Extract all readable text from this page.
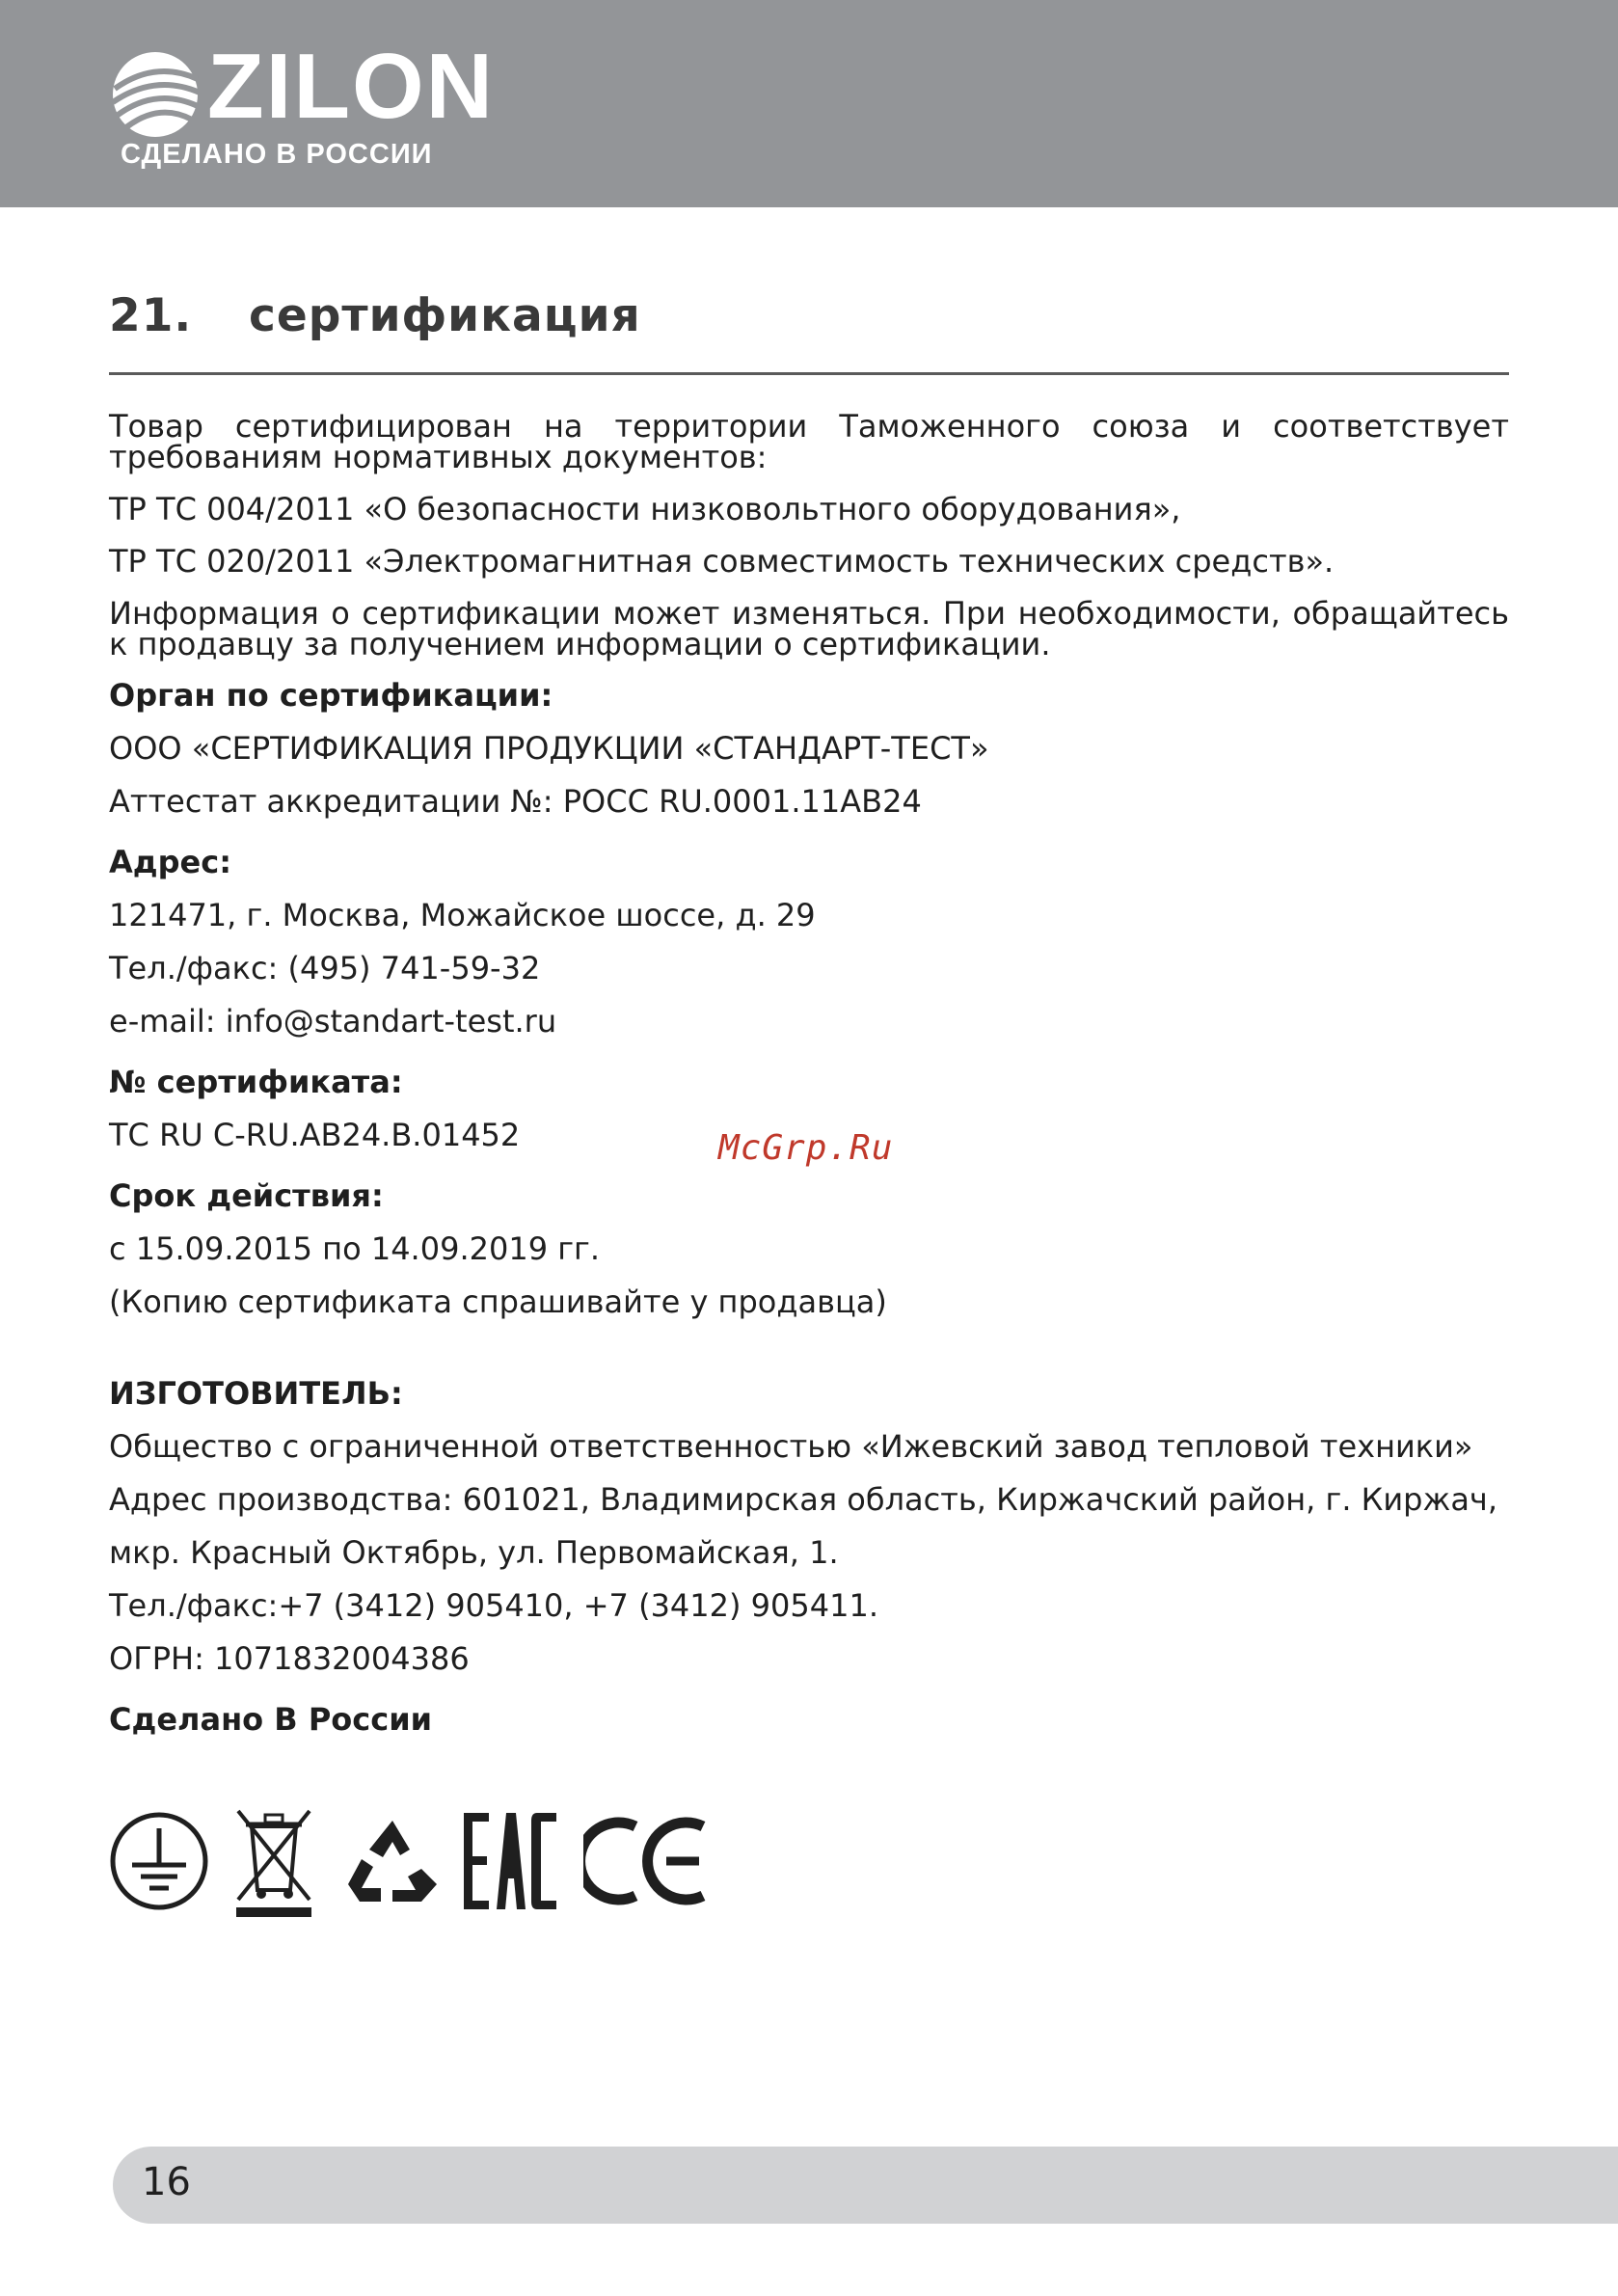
ZILON
СДЕЛАНО В РОССИИ
21. сертификация

Товар сертифицирован на территории Таможенного союза и соответствует требованиям нормативных документов:

ТР ТС 004/2011 «О безопасности низковольтного оборудования»,

ТР ТС 020/2011 «Электромагнитная совместимость технических средств».

Информация о сертификации может изменяться. При необходимости, обращайтесь к продавцу за получением информации о сертификации.

Орган по сертификации:
ООО «СЕРТИФИКАЦИЯ ПРОДУКЦИИ «СТАНДАРТ-ТЕСТ»
Аттестат аккредитации №: РОСС RU.0001.11АВ24
Адрес:
121471, г. Москва, Можайское шоссе, д. 29
Тел./факс: (495) 741-59-32
e-mail: info@standart-test.ru
№ сертификата:
ТС RU C-RU.АВ24.В.01452
Срок действия:
с 15.09.2015 по 14.09.2019 гг.
(Копию сертификата спрашивайте у продавца)
ИЗГОТОВИТЕЛЬ:
Общество с ограниченной ответственностью «Ижевский завод тепловой техники»
Адрес производства: 601021, Владимирская область, Киржачский район, г. Киржач,
мкр. Красный Октябрь, ул. Первомайская, 1.
Тел./факс:+7 (3412) 905410, +7 (3412) 905411.
ОГРН: 1071832004386
Сделано В России
McGrp.Ru
16
